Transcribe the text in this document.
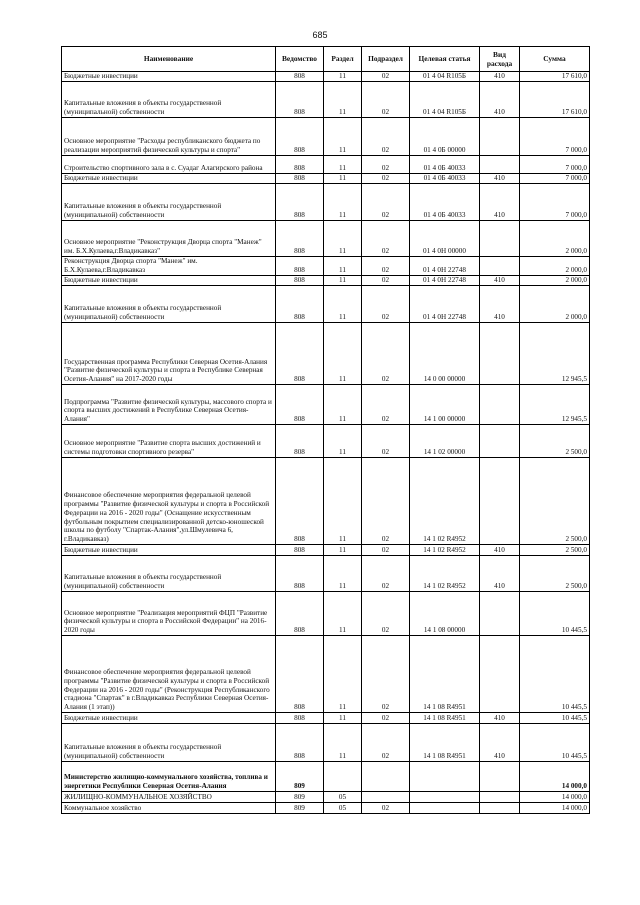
685
Наименование	Ведомство	Раздел	Подраздел	Целевая статья	Вид расхода	Сумма
Бюджетные инвестиции	808	11	02	01 4 04 R105Б	410	17 610,0
Капитальные вложения в объекты государственной (муниципальной) собственности	808	11	02	01 4 04 R105Б	410	17 610,0
Основное мероприятие "Расходы республиканского бюджета по реализации мероприятий физической культуры и спорта"	808	11	02	01 4 0Б 00000		7 000,0
Строительство спортивного зала в с. Суадаг Алагирского района	808	11	02	01 4 0Б 40033		7 000,0
Бюджетные инвестиции	808	11	02	01 4 0Б 40033	410	7 000,0
Капитальные вложения в объекты государственной (муниципальной) собственности	808	11	02	01 4 0Б 40033	410	7 000,0
Основное мероприятие "Реконструкция Дворца спорта "Манеж" им. Б.Х.Кулаева,г.Владикавказ"	808	11	02	01 4 0Н 00000		2 000,0
Реконструкция Дворца спорта "Манеж" им. Б.Х.Кулаева,г.Владикавказ	808	11	02	01 4 0Н 22748		2 000,0
Бюджетные инвестиции	808	11	02	01 4 0Н 22748	410	2 000,0
Капитальные вложения в объекты государственной (муниципальной) собственности	808	11	02	01 4 0Н 22748	410	2 000,0
Государственная программа Республики Северная Осетия-Алания "Развитие физической культуры и спорта в Республике Северная Осетия-Алания" на 2017-2020 годы	808	11	02	14 0 00 00000		12 945,5
Подпрограмма "Развитие физической культуры, массового спорта и спорта высших достижений в Республике Северная Осетия-Алания"	808	11	02	14 1 00 00000		12 945,5
Основное мероприятие "Развитие спорта высших достижений и системы подготовки спортивного резерва"	808	11	02	14 1 02 00000		2 500,0
Финансовое обеспечение мероприятия федеральной целевой программы "Развитие физической культуры и спорта в Российской Федерации на 2016 - 2020 годы" (Оснащение искусственным футбольным покрытием специализированной детско-юношеской школы по футболу "Спартак-Алания",ул.Шмулевича 6, г.Владикавказ)	808	11	02	14 1 02 R4952		2 500,0
Бюджетные инвестиции	808	11	02	14 1 02 R4952	410	2 500,0
Капитальные вложения в объекты государственной (муниципальной) собственности	808	11	02	14 1 02 R4952	410	2 500,0
Основное мероприятие "Реализация мероприятий ФЦП "Развитие физической культуры и спорта в Российской Федерации" на 2016-2020 годы	808	11	02	14 1 08 00000		10 445,5
Финансовое обеспечение мероприятия федеральной целевой программы "Развитие физической культуры и спорта в Российской Федерации на 2016 - 2020 годы" (Реконструкция Республиканского стадиона "Спартак" в г.Владикавказ Республики Северная Осетия-Алания (1 этап))	808	11	02	14 1 08 R4951		10 445,5
Бюджетные инвестиции	808	11	02	14 1 08 R4951	410	10 445,5
Капитальные вложения в объекты государственной (муниципальной) собственности	808	11	02	14 1 08 R4951	410	10 445,5
Министерство жилищно-коммунального хозяйства, топлива и энергетики Республики Северная Осетия-Алания	809					14 000,0
ЖИЛИЩНО-КОММУНАЛЬНОЕ ХОЗЯЙСТВО	809	05				14 000,0
Коммунальное хозяйство	809	05	02			14 000,0
